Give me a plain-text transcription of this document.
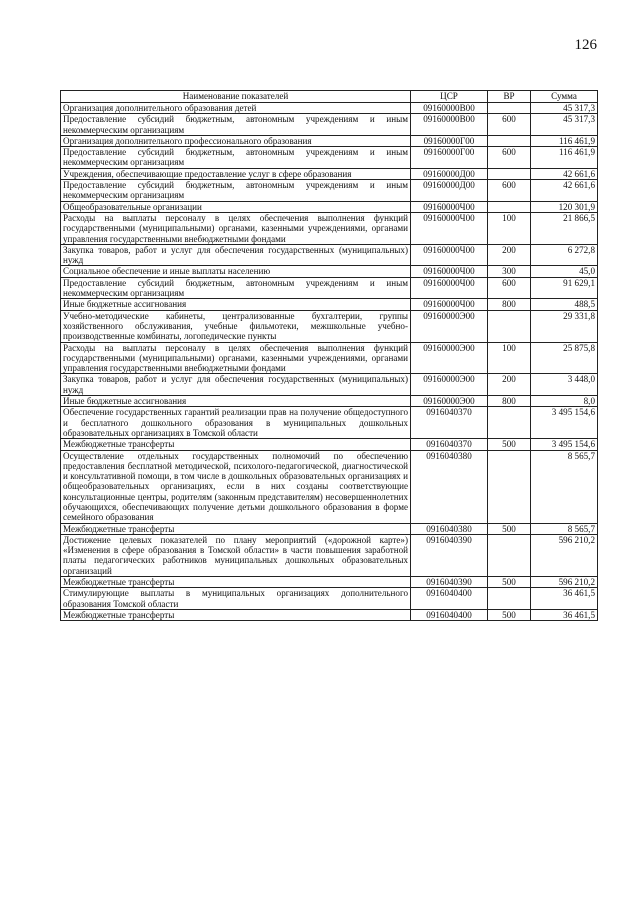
126
Наименование показателей	ЦСР	ВР	Сумма
Организация дополнительного образования детей	09160000В00		45 317,3
Предоставление субсидий бюджетным, автономным учреждениям и иным некоммерческим организациям	09160000В00	600	45 317,3
Организация дополнительного профессионального образования	09160000Г00		116 461,9
Предоставление субсидий бюджетным, автономным учреждениям и иным некоммерческим организациям	09160000Г00	600	116 461,9
Учреждения, обеспечивающие предоставление услуг в сфере образования	09160000Д00		42 661,6
Предоставление субсидий бюджетным, автономным учреждениям и иным некоммерческим организациям	09160000Д00	600	42 661,6
Общеобразовательные организации	09160000Ч00		120 301,9
Расходы на выплаты персоналу в целях обеспечения выполнения функций государственными (муниципальными) органами, казенными учреждениями, органами управления государственными внебюджетными фондами	09160000Ч00	100	21 866,5
Закупка товаров, работ и услуг для обеспечения государственных (муниципальных) нужд	09160000Ч00	200	6 272,8
Социальное обеспечение и иные выплаты населению	09160000Ч00	300	45,0
Предоставление субсидий бюджетным, автономным учреждениям и иным некоммерческим организациям	09160000Ч00	600	91 629,1
Иные бюджетные ассигнования	09160000Ч00	800	488,5
Учебно-методические кабинеты, централизованные бухгалтерии, группы хозяйственного обслуживания, учебные фильмотеки, межшкольные учебно-производственные комбинаты, логопедические пункты	09160000Э00		29 331,8
Расходы на выплаты персоналу в целях обеспечения выполнения функций государственными (муниципальными) органами, казенными учреждениями, органами управления государственными внебюджетными фондами	09160000Э00	100	25 875,8
Закупка товаров, работ и услуг для обеспечения государственных (муниципальных) нужд	09160000Э00	200	3 448,0
Иные бюджетные ассигнования	09160000Э00	800	8,0
Обеспечение государственных гарантий реализации прав на получение общедоступного и бесплатного дошкольного образования в муниципальных дошкольных образовательных организациях в Томской области	0916040370		3 495 154,6
Межбюджетные трансферты	0916040370	500	3 495 154,6
Осуществление отдельных государственных полномочий по обеспечению предоставления бесплатной методической, психолого-педагогической, диагностической и консультативной помощи, в том числе в дошкольных образовательных организациях и общеобразовательных организациях, если в них созданы соответствующие консультационные центры, родителям (законным представителям) несовершеннолетних обучающихся, обеспечивающих получение детьми дошкольного образования в форме семейного образования	0916040380		8 565,7
Межбюджетные трансферты	0916040380	500	8 565,7
Достижение целевых показателей по плану мероприятий («дорожной карте») «Изменения в сфере образования в Томской области» в части повышения заработной платы педагогических работников муниципальных дошкольных образовательных организаций	0916040390		596 210,2
Межбюджетные трансферты	0916040390	500	596 210,2
Стимулирующие выплаты в муниципальных организациях дополнительного образования Томской области	0916040400		36 461,5
Межбюджетные трансферты	0916040400	500	36 461,5
